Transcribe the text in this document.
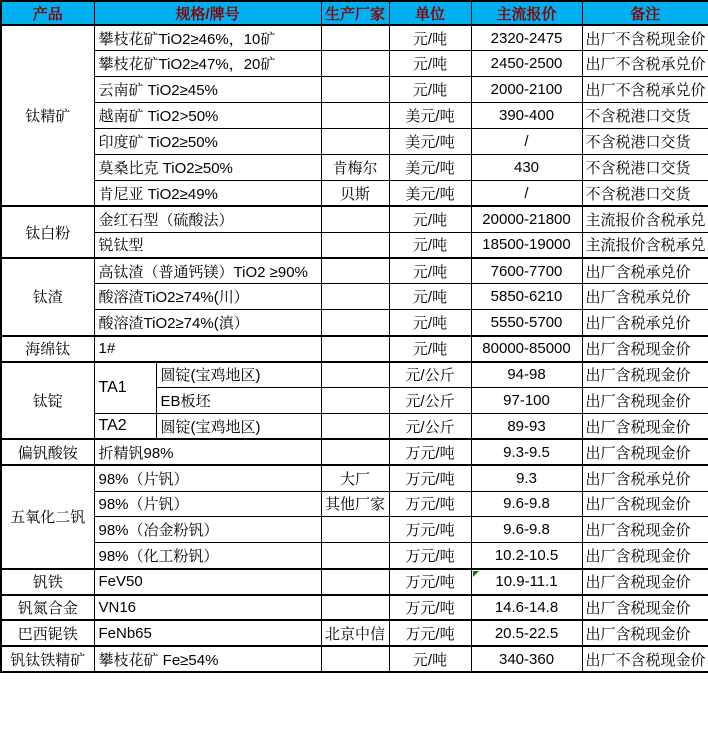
产品	规格/牌号		生产厂家	单位	主流报价	备注
钛精矿	攀枝花矿TiO2≥46%，10矿			元/吨	2320-2475	出厂不含税现金价
	攀枝花矿TiO2≥47%，20矿			元/吨	2450-2500	出厂不含税承兑价
	云南矿 TiO2≥45%			元/吨	2000-2100	出厂不含税承兑价
	越南矿 TiO2>50%			美元/吨	390-400	不含税港口交货
	印度矿 TiO2≥50%			美元/吨	/	不含税港口交货
	莫桑比克 TiO2≥50%		肯梅尔	美元/吨	430	不含税港口交货
	肯尼亚 TiO2≥49%		贝斯	美元/吨	/	不含税港口交货
钛白粉	金红石型（硫酸法）			元/吨	20000-21800	主流报价含税承兑
	锐钛型			元/吨	18500-19000	主流报价含税承兑
钛渣	高钛渣（普通钙镁）TiO2 ≥90%			元/吨	7600-7700	出厂含税承兑价
	酸溶渣TiO2≥74%(川）			元/吨	5850-6210	出厂含税承兑价
	酸溶渣TiO2≥74%(滇）			元/吨	5550-5700	出厂含税承兑价
海绵钛	1#			元/吨	80000-85000	出厂含税现金价
钛锭	TA1	圆锭(宝鸡地区)		元/公斤	94-98	出厂含税现金价
		EB板坯		元/公斤	97-100	出厂含税现金价
	TA2	圆锭(宝鸡地区)		元/公斤	89-93	出厂含税现金价
偏钒酸铵	折精钒98%			万元/吨	9.3-9.5	出厂含税现金价
五氧化二钒	98%（片钒）		大厂	万元/吨	9.3	出厂含税承兑价
	98%（片钒）		其他厂家	万元/吨	9.6-9.8	出厂含税现金价
	98%（冶金粉钒）			万元/吨	9.6-9.8	出厂含税现金价
	98%（化工粉钒）			万元/吨	10.2-10.5	出厂含税现金价
钒铁	FeV50			万元/吨	10.9-11.1	出厂含税现金价
钒氮合金	VN16			万元/吨	14.6-14.8	出厂含税现金价
巴西铌铁	FeNb65		北京中信	万元/吨	20.5-22.5	出厂含税现金价
钒钛铁精矿	攀枝花矿 Fe≥54%			元/吨	340-360	出厂不含税现金价
